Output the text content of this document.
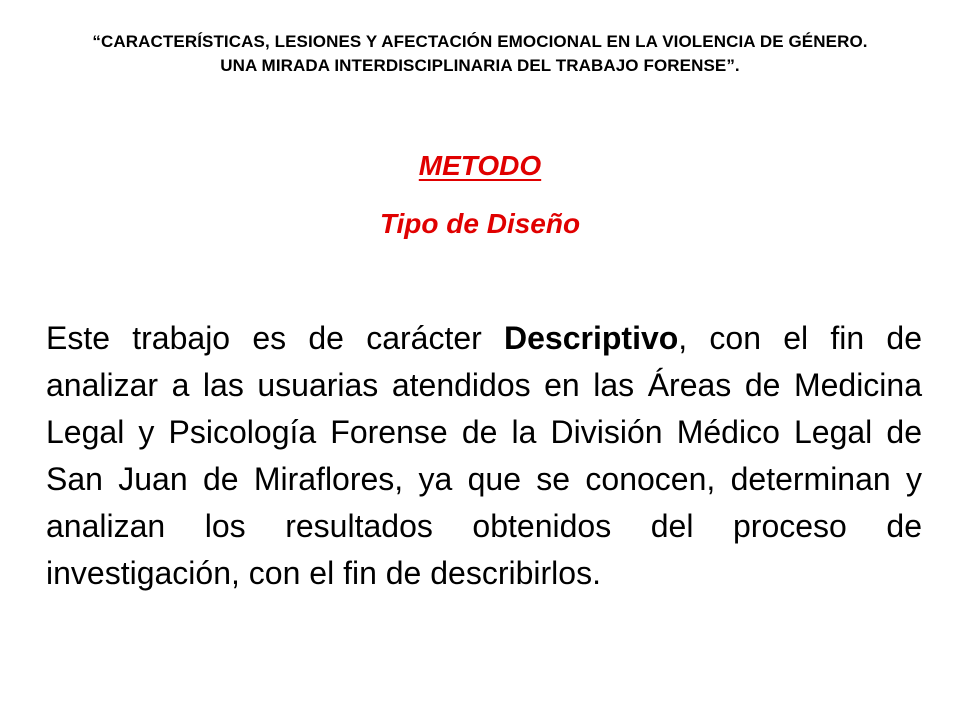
“CARACTERÍSTICAS, LESIONES Y AFECTACIÓN EMOCIONAL EN LA VIOLENCIA DE GÉNERO. UNA MIRADA INTERDISCIPLINARIA DEL TRABAJO FORENSE”.
METODO
Tipo de Diseño
Este trabajo es de carácter Descriptivo, con el fin de analizar a las usuarias atendidos en las Áreas de Medicina Legal y Psicología Forense de la División Médico Legal de San Juan de Miraflores, ya que se conocen, determinan y analizan los resultados obtenidos del proceso de investigación, con el fin de describirlos.
